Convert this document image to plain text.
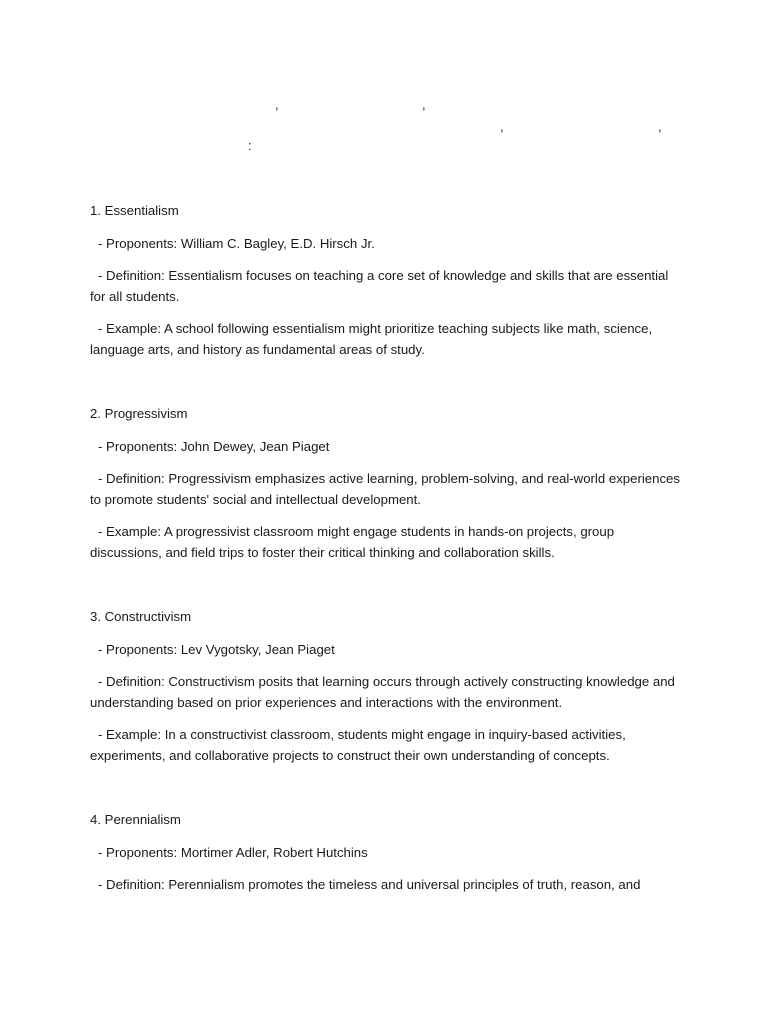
,	,
,	,
:
1. Essentialism
- Proponents: William C. Bagley, E.D. Hirsch Jr.
- Definition: Essentialism focuses on teaching a core set of knowledge and skills that are essential for all students.
- Example: A school following essentialism might prioritize teaching subjects like math, science, language arts, and history as fundamental areas of study.
2. Progressivism
- Proponents: John Dewey, Jean Piaget
- Definition: Progressivism emphasizes active learning, problem-solving, and real-world experiences to promote students' social and intellectual development.
- Example: A progressivist classroom might engage students in hands-on projects, group discussions, and field trips to foster their critical thinking and collaboration skills.
3. Constructivism
- Proponents: Lev Vygotsky, Jean Piaget
- Definition: Constructivism posits that learning occurs through actively constructing knowledge and understanding based on prior experiences and interactions with the environment.
- Example: In a constructivist classroom, students might engage in inquiry-based activities, experiments, and collaborative projects to construct their own understanding of concepts.
4. Perennialism
- Proponents: Mortimer Adler, Robert Hutchins
- Definition: Perennialism promotes the timeless and universal principles of truth, reason, and
